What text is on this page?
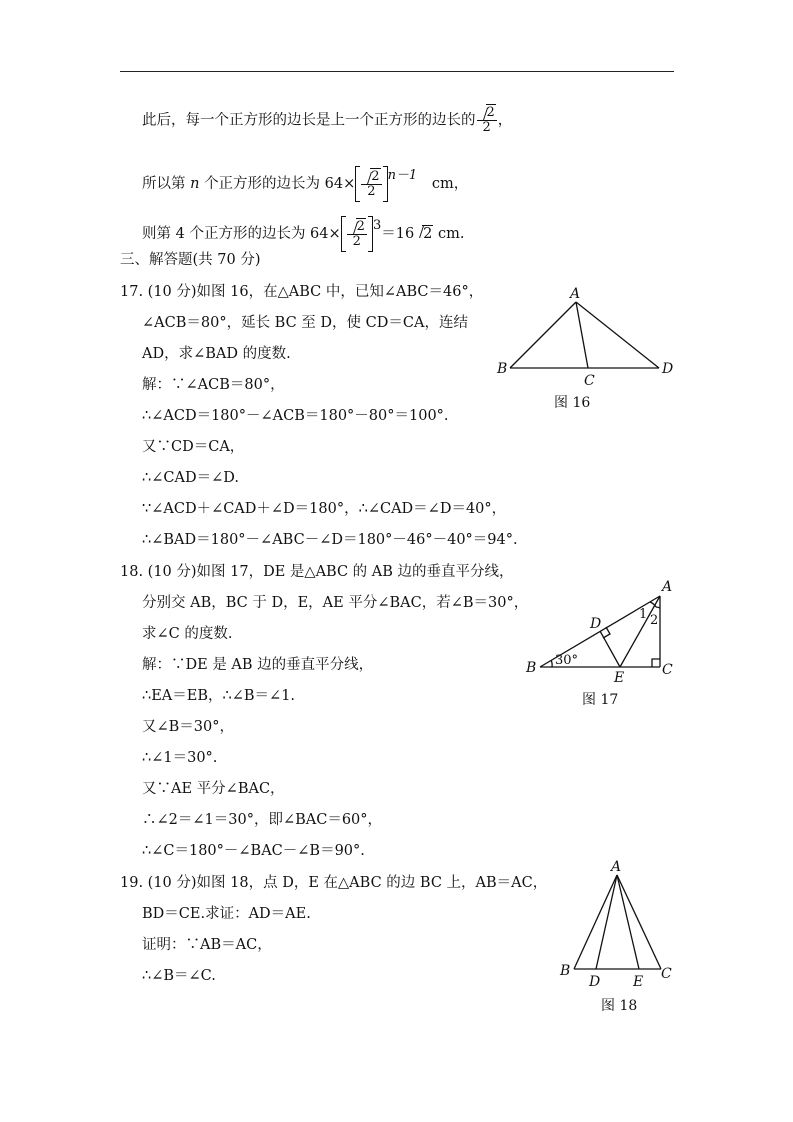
此后，每一个正方形的边长是上一个正方形的边长的 $\frac{2}{2}$ ，
所以第 n 个正方形的边长为 $64\times \frac{2}{2} n-1$ cm，
则第 4 个正方形的边长为 $64\times \frac{2}{2} 3=16$ 2 cm.
三、解答题(共 70 分)
17. (10 分)如图 16，在△ABC 中，已知∠ABC＝46°，
∠ACB＝80°，延长 BC 至 D，使 CD＝CA，连结
AD，求∠BAD 的度数.
解：∵∠ACB＝80°，
∴∠ACD＝180°－∠ACB＝180°－80°＝100°.
又∵CD＝CA，
∴∠CAD＝∠D.
∵∠ACD＋∠CAD＋∠D＝180°，∴∠CAD＝∠D＝40°，
∴∠BAD＝180°－∠ABC－∠D＝180°－46°－40°＝94°.
A
B
C
D
图 16
18. (10 分)如图 17，DE 是△ABC 的 AB 边的垂直平分线，
分别交 AB，BC 于 D，E，AE 平分∠BAC，若∠B＝30°，
求∠C 的度数.
解：∵DE 是 AB 边的垂直平分线，
∴EA＝EB，∴∠B＝∠1.
又∠B＝30°，
∴∠1＝30°.
又∵AE 平分∠BAC，
∴∠2＝∠1＝30°，即∠BAC＝60°，
∴∠C＝180°－∠BAC－∠B＝90°.
A
B	C
D
E
1 2
30°
图 17
19. (10 分)如图 18，点 D，E 在△ABC 的边 BC 上，AB＝AC，
BD＝CE.求证：AD＝AE.
证明：∵AB＝AC，
∴∠B＝∠C.
A
B	C
D E
图 18
